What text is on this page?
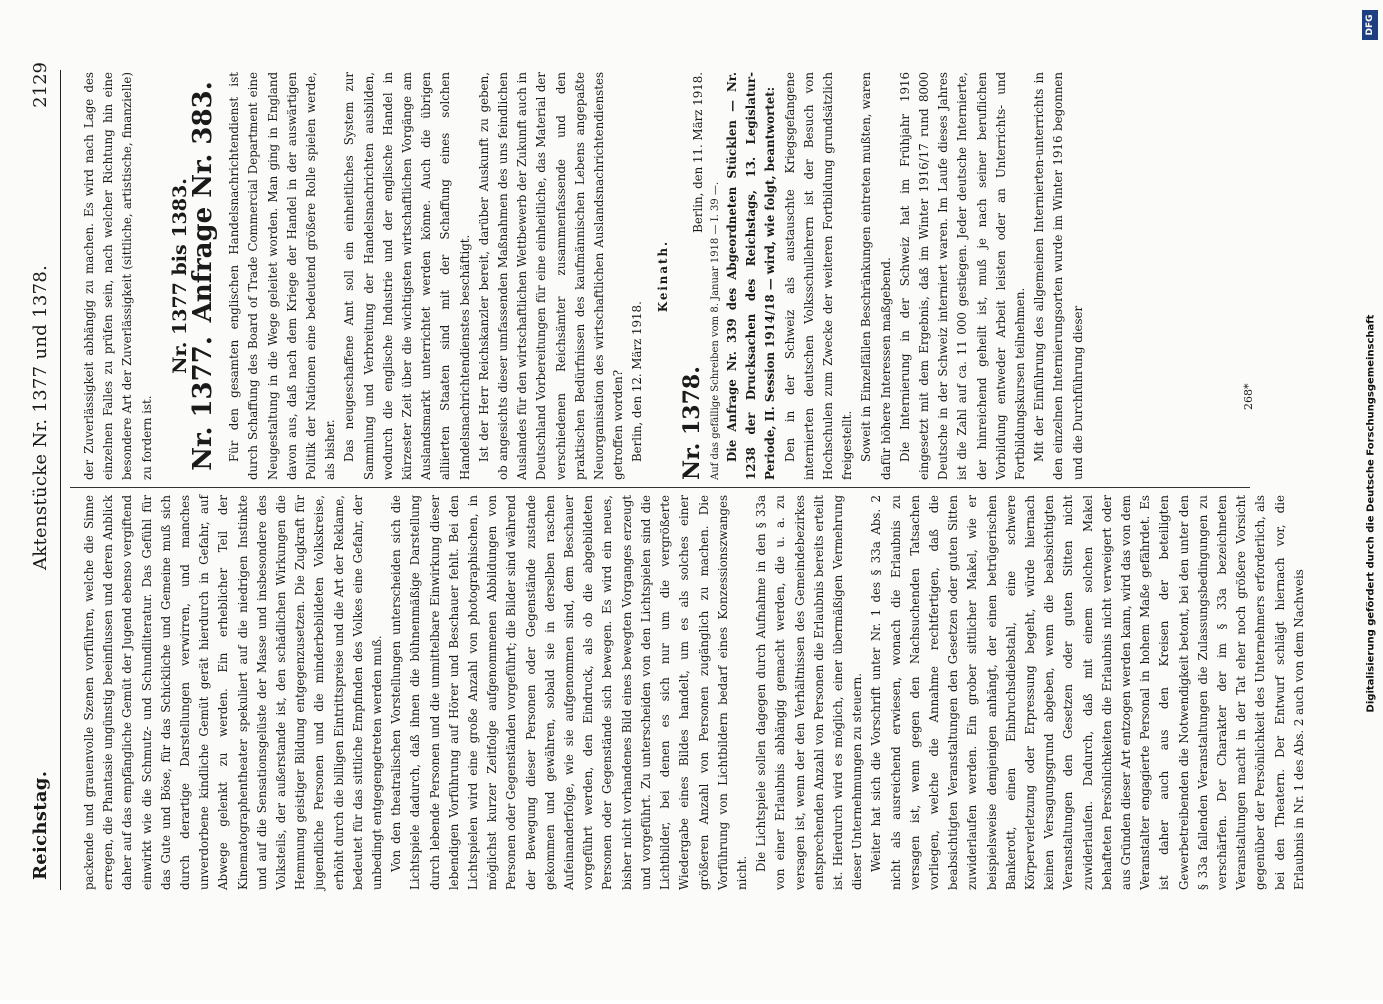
Reichstag.
Aktenstücke Nr. 1377 und 1378.
2129

packende und grauenvolle Szenen vorführen, welche die Sinne erregen, die Phantasie ungünstig beeinflussen und deren Anblick daher auf das empfängliche Gemüt der Jugend ebenso vergiftend einwirkt wie die Schmutz- und Schundliteratur. Das Gefühl für das Gute und Böse, für das Schickliche und Gemeine muß sich durch derartige Darstellungen verwirren, und manches unverdorbene kindliche Gemüt gerät hierdurch in Gefahr, auf Abwege gelenkt zu werden. Ein erheblicher Teil der Kinematographentheater spekuliert auf die niedrigen Instinkte und auf die Sensationsgelüste der Masse und insbesondere des Volksteils, der außerstande ist, den schädlichen Wirkungen die Hemmung geistiger Bildung entgegenzusetzen. Die Zugkraft für jugendliche Personen und die minderbebildeten Volkskreise, erhöht durch die billigen Eintrittspreise und die Art der Reklame, bedeutet für das sittliche Empfinden des Volkes eine Gefahr, der unbedingt entgegengetreten werden muß. Von den theatralischen Vorstellungen unterscheiden sich die Lichtspiele dadurch, daß ihnen die bühnenmäßige Darstellung durch lebende Personen und die unmittelbare Einwirkung dieser lebendigen Vorführung auf Hörer und Beschauer fehlt. Bei den Lichtspielen wird eine große Anzahl von photographischen, in möglichst kurzer Zeitfolge aufgenommenen Abbildungen von Personen oder Gegenständen vorgeführt; die Bilder sind während der Bewegung dieser Personen oder Gegenstände zustande gekommen und gewähren, sobald sie in derselben raschen Aufeinanderfolge, wie sie aufgenommen sind, dem Beschauer vorgeführt werden, den Eindruck, als ob die abgebildeten Personen oder Gegenstände sich bewegen. Es wird ein neues, bisher nicht vorhandenes Bild eines bewegten Vorganges erzeugt und vorgeführt. Zu unterscheiden von den Lichtspielen sind die Lichtbilder, bei denen es sich nur um die vergrößerte Wiedergabe eines Bildes handelt, um es als solches einer größeren Anzahl von Personen zugänglich zu machen. Die Vorführung von Lichtbildern bedarf eines Konzessionszwanges nicht.

Die Lichtspiele sollen dagegen durch Aufnahme in den § 33a von einer Erlaubnis abhängig gemacht werden, die u. a. zu versagen ist, wenn der den Verhältnissen des Gemeindebezirkes entsprechenden Anzahl von Personen die Erlaubnis bereits erteilt ist. Hierdurch wird es möglich, einer übermäßigen Vermehrung dieser Unternehmungen zu steuern. Weiter hat sich die Vorschrift unter Nr. 1 des § 33a Abs. 2 nicht als ausreichend erwiesen, wonach die Erlaubnis zu versagen ist, wenn gegen den Nachsuchenden Tatsachen vorliegen, welche die Annahme rechtfertigen, daß die beabsichtigten Veranstaltungen den Gesetzen oder guten Sitten zuwiderlaufen werden. Ein grober sittlicher Makel, wie er beispielsweise demjenigen anhängt, der einen betrügerischen Bankerott, einen Einbruchsdiebstahl, eine schwere Körperverletzung oder Erpressung begeht, würde hiernach keinen Versagungsgrund abgeben, wenn die beabsichtigten Veranstaltungen den Gesetzen oder guten Sitten nicht zuwiderlaufen. Dadurch, daß mit einem solchen Makel behafteten Persönlichkeiten die Erlaubnis nicht verweigert oder aus Gründen dieser Art entzogen werden kann, wird das von dem Veranstalter engagierte Personal in hohem Maße gefährdet. Es ist daher auch aus den Kreisen der beteiligten Gewerbetreibenden die Notwendigkeit betont, bei den unter den § 33a fallenden Veranstaltungen die Zulassungsbedingungen zu verschärfen. Der Charakter der im § 33a bezeichneten Veranstaltungen macht in der Tat eher noch größere Vorsicht gegenüber der Persönlichkeit des Unternehmers erforderlich, als bei den Theatern. Der Entwurf schlägt hiernach vor, die Erlaubnis in Nr. 1 des Abs. 2 auch von dem Nachweis

der Zuverlässigkeit abhängig zu machen. Es wird nach Lage des einzelnen Falles zu prüfen sein, nach welcher Richtung hin eine besondere Art der Zuverlässigkeit (sittliche, artistische, finanzielle) zu fordern ist.

Nr. 1377 bis 1383.
Nr. 1377. Anfrage Nr. 383. Für den gesamten englischen Handelsnachrichtendienst ist durch Schaffung des Board of Trade Commercial Department eine Neugestaltung in die Wege geleitet worden. Man ging in England davon aus, daß nach dem Kriege der Handel in der auswärtigen Politik der Nationen eine bedeutend größere Rolle spielen werde, als bisher. Das neugeschaffene Amt soll ein einheitliches System zur Sammlung und Verbreitung der Handelsnachrichten ausbilden, wodurch die englische Industrie und der englische Handel in kürzester Zeit über die wichtigsten wirtschaftlichen Vorgänge am Auslandsmarkt unterrichtet werden könne. Auch die übrigen alliierten Staaten sind mit der Schaffung eines solchen Handelsnachrichtendienstes beschäftigt. Ist der Herr Reichskanzler bereit, darüber Auskunft zu geben, ob angesichts dieser umfassenden Maßnahmen des uns feindlichen Auslandes für den wirtschaftlichen Wettbewerb der Zukunft auch in Deutschland Vorbereitungen für eine einheitliche, das Material der verschiedenen Reichsämter zusammenfassende und den praktischen Bedürfnissen des kaufmännischen Lebens angepaßte Neuorganisation des wirtschaftlichen Auslandsnachrichtendienstes getroffen worden? Berlin, den 12. März 1918.

Keinath.
Nr. 1378.
Berlin, den 11. März 1918.

Auf das gefällige Schreiben vom 8. Januar 1918 — I. 39 —. Die Anfrage Nr. 339 des Abgeordneten Stücklen — Nr. 1238 der Drucksachen des Reichstags, 13. Legislatur-Periode, II. Session 1914/18 — wird, wie folgt, beantwortet: Den in der Schweiz als austauschte Kriegsgefangene internierten deutschen Volksschullehrern ist der Besuch von Hochschulen zum Zwecke der weiteren Fortbildung grundsätzlich freigestellt. Soweit in Einzelfällen Beschränkungen eintreten mußten, waren dafür höhere Interessen maßgebend. Die Internierung in der Schweiz hat im Frühjahr 1916 eingesetzt mit dem Ergebnis, daß im Winter 1916/17 rund 8000 Deutsche in der Schweiz interniert waren. Im Laufe dieses Jahres ist die Zahl auf ca. 11 000 gestiegen. Jeder deutsche Internierte, der hinreichend geheilt ist, muß je nach seiner beruflichen Vorbildung entweder Arbeit leisten oder an Unterrichts- und Fortbildungskursen teilnehmen. Mit der Einführung des allgemeinen Internierten-unterrichts in den einzelnen Internierungsorten wurde im Winter 1916 begonnen und die Durchführung dieser	268*
DFG
Digitalisierung gefördert durch die Deutsche Forschungsgemeinschaft
